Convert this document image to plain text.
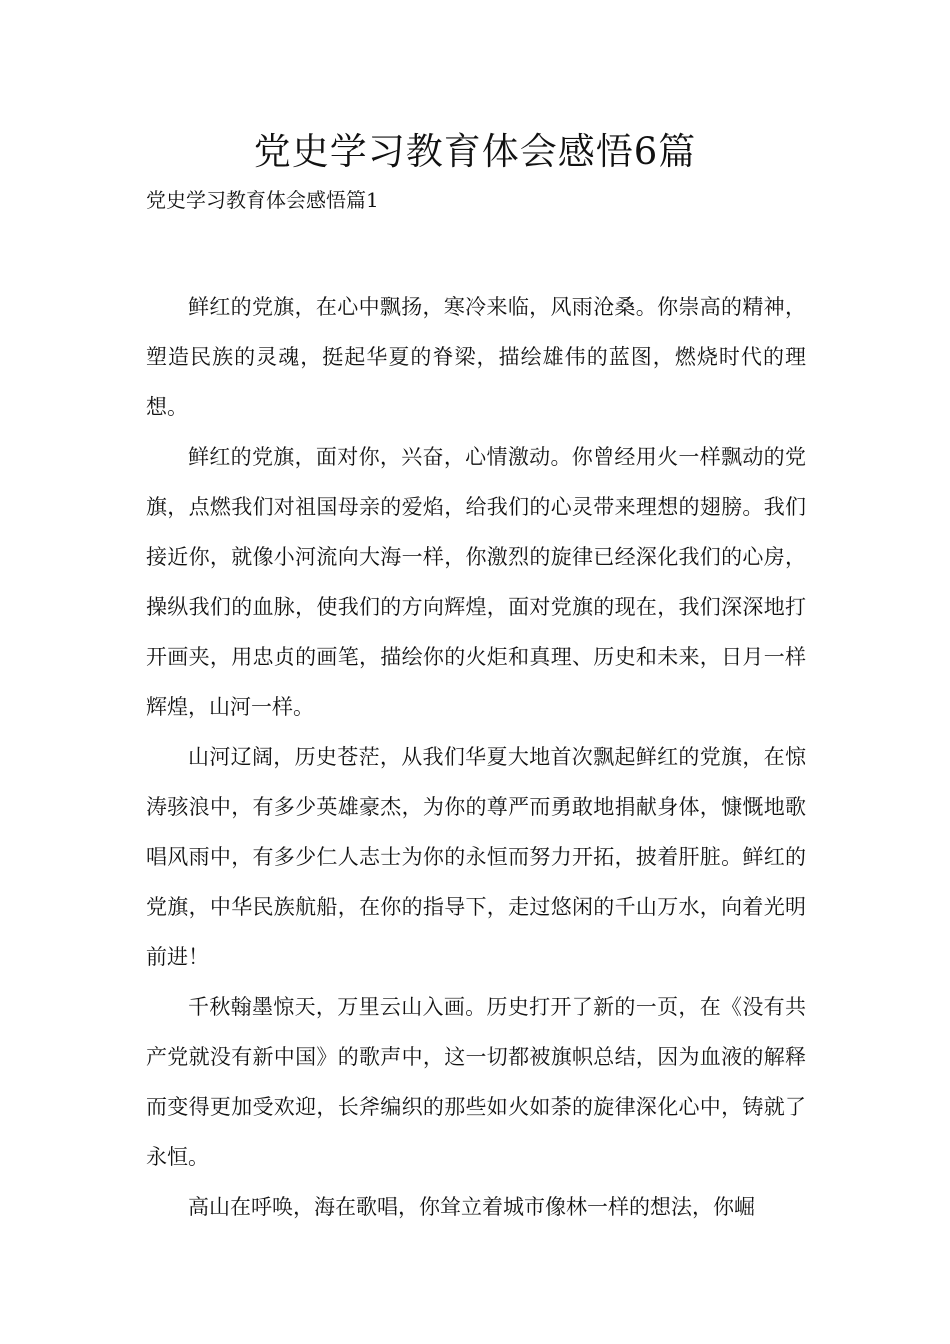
党史学习教育体会感悟6篇
党史学习教育体会感悟篇1

鲜红的党旗，在心中飘扬，寒冷来临，风雨沧桑。你崇高的精神，塑造民族的灵魂，挺起华夏的脊梁，描绘雄伟的蓝图，燃烧时代的理想。

鲜红的党旗，面对你，兴奋，心情激动。你曾经用火一样飘动的党旗，点燃我们对祖国母亲的爱焰，给我们的心灵带来理想的翅膀。我们接近你，就像小河流向大海一样，你激烈的旋律已经深化我们的心房，操纵我们的血脉，使我们的方向辉煌，面对党旗的现在，我们深深地打开画夹，用忠贞的画笔，描绘你的火炬和真理、历史和未来，日月一样辉煌，山河一样。

山河辽阔，历史苍茫，从我们华夏大地首次飘起鲜红的党旗，在惊涛骇浪中，有多少英雄豪杰，为你的尊严而勇敢地捐献身体，慷慨地歌唱风雨中，有多少仁人志士为你的永恒而努力开拓，披着肝脏。鲜红的党旗，中华民族航船，在你的指导下，走过悠闲的千山万水，向着光明前进！

千秋翰墨惊天，万里云山入画。历史打开了新的一页，在《没有共产党就没有新中国》的歌声中，这一切都被旗帜总结，因为血液的解释而变得更加受欢迎，长斧编织的那些如火如荼的旋律深化心中，铸就了永恒。

高山在呼唤，海在歌唱，你耸立着城市像林一样的想法，你崛
